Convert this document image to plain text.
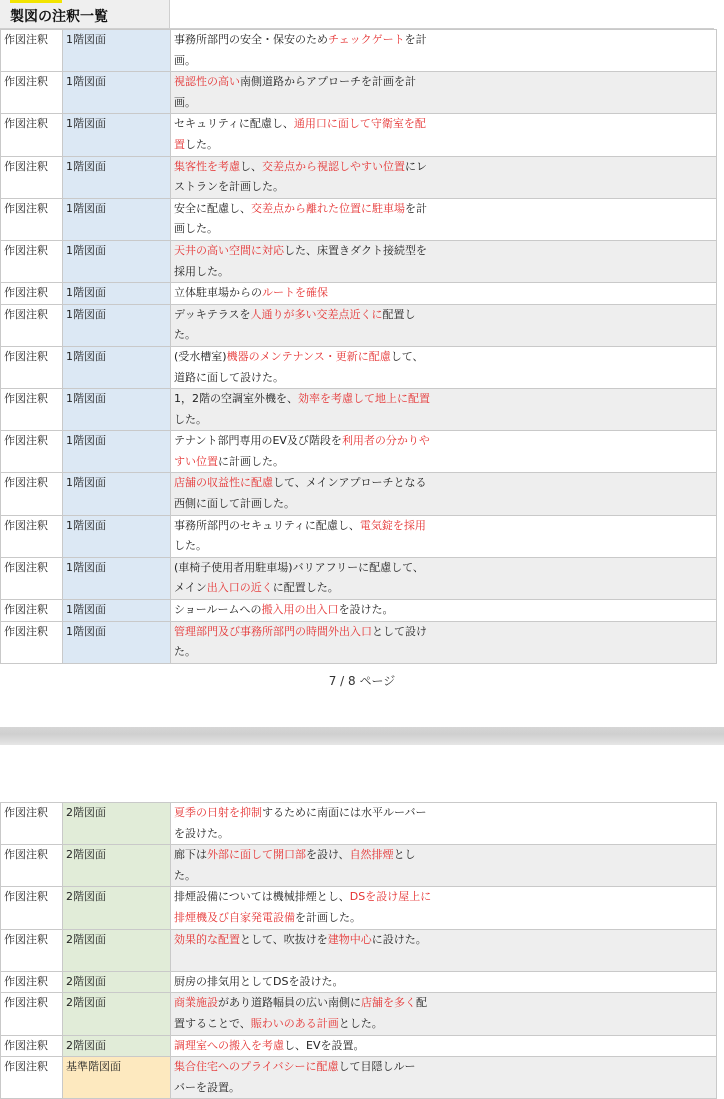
製図の注釈一覧
作図注釈	1階図面	事務所部門の安全・保安のためチェックゲートを計
画。

作図注釈	1階図面	視認性の高い南側道路からアプローチを計画を計
画。

作図注釈	1階図面	セキュリティに配慮し、通用口に面して守衛室を配
置した。

作図注釈	1階図面	集客性を考慮し、交差点から視認しやすい位置にレ
ストランを計画した。

作図注釈	1階図面	安全に配慮し、交差点から離れた位置に駐車場を計
画した。

作図注釈	1階図面	天井の高い空間に対応した、床置きダクト接続型を
採用した。

作図注釈	1階図面	立体駐車場からのルートを確保

作図注釈	1階図面	デッキテラスを人通りが多い交差点近くに配置し
た。

作図注釈	1階図面	(受水槽室)機器のメンテナンス・更新に配慮して、
道路に面して設けた。

作図注釈	1階図面	1，2階の空調室外機を、効率を考慮して地上に配置
した。

作図注釈	1階図面	テナント部門専用のEV及び階段を利用者の分かりや
すい位置に計画した。

作図注釈	1階図面	店舗の収益性に配慮して、メインアプローチとなる
西側に面して計画した。

作図注釈	1階図面	事務所部門のセキュリティに配慮し、電気錠を採用
した。

作図注釈	1階図面	(車椅子使用者用駐車場)バリアフリーに配慮して、
メイン出入口の近くに配置した。

作図注釈	1階図面	ショールームへの搬入用の出入口を設けた。

作図注釈	1階図面	管理部門及び事務所部門の時間外出入口として設け
た。
7 / 8 ページ
作図注釈	2階図面	夏季の日射を抑制するために南面には水平ルーバー
を設けた。

作図注釈	2階図面	廊下は外部に面して開口部を設け、自然排煙とし
た。

作図注釈	2階図面	排煙設備については機械排煙とし、DSを設け屋上に
排煙機及び自家発電設備を計画した。

作図注釈	2階図面	効果的な配置として、吹抜けを建物中心に設けた。

作図注釈	2階図面	厨房の排気用としてDSを設けた。

作図注釈	2階図面	商業施設があり道路幅員の広い南側に店舗を多く配
置することで、賑わいのある計画とした。

作図注釈	2階図面	調理室への搬入を考慮し、EVを設置。

作図注釈	基準階図面	集合住宅へのプライバシーに配慮して目隠しルー
バーを設置。
